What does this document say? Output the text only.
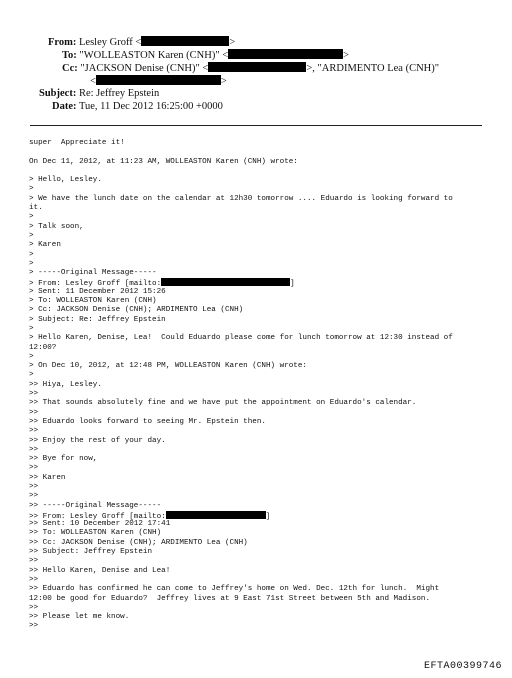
From: Lesley Groff <	>
To: "WOLLEASTON Karen (CNH)" <	>
Cc: "JACKSON Denise (CNH)" <	>, "ARDIMENTO Lea (CNH)"
<	>
Subject: Re: Jeffrey Epstein
Date: Tue, 11 Dec 2012 16:25:00 +0000
super  Appreciate it!
On Dec 11, 2012, at 11:23 AM, WOLLEASTON Karen (CNH) wrote:
> Hello, Lesley.
>
> We have the lunch date on the calendar at 12h30 tomorrow .... Eduardo is looking forward to
it.
>
> Talk soon,
>
> Karen
>
>
> -----Original Message-----
> From: Lesley Groff [mailto:	]
> Sent: 11 December 2012 15:26
> To: WOLLEASTON Karen (CNH)
> Cc: JACKSON Denise (CNH); ARDIMENTO Lea (CNH)
> Subject: Re: Jeffrey Epstein
>
> Hello Karen, Denise, Lea!  Could Eduardo please come for lunch tomorrow at 12:30 instead of
12:00?
>
> On Dec 10, 2012, at 12:48 PM, WOLLEASTON Karen (CNH) wrote:
>
>> Hiya, Lesley.
>>
>> That sounds absolutely fine and we have put the appointment on Eduardo's calendar.
>>
>> Eduardo looks forward to seeing Mr. Epstein then.
>>
>> Enjoy the rest of your day.
>>
>> Bye for now,
>>
>> Karen
>>
>>
>> -----Original Message-----
>> From: Lesley Groff [mailto:	]
>> Sent: 10 December 2012 17:41
>> To: WOLLEASTON Karen (CNH)
>> Cc: JACKSON Denise (CNH); ARDIMENTO Lea (CNH)
>> Subject: Jeffrey Epstein
>>
>> Hello Karen, Denise and Lea!
>>
>> Eduardo has confirmed he can come to Jeffrey's home on Wed. Dec. 12th for lunch.  Might
12:00 be good for Eduardo?  Jeffrey lives at 9 East 71st Street between 5th and Madison.
>>
>> Please let me know.
>>
EFTA00399746
